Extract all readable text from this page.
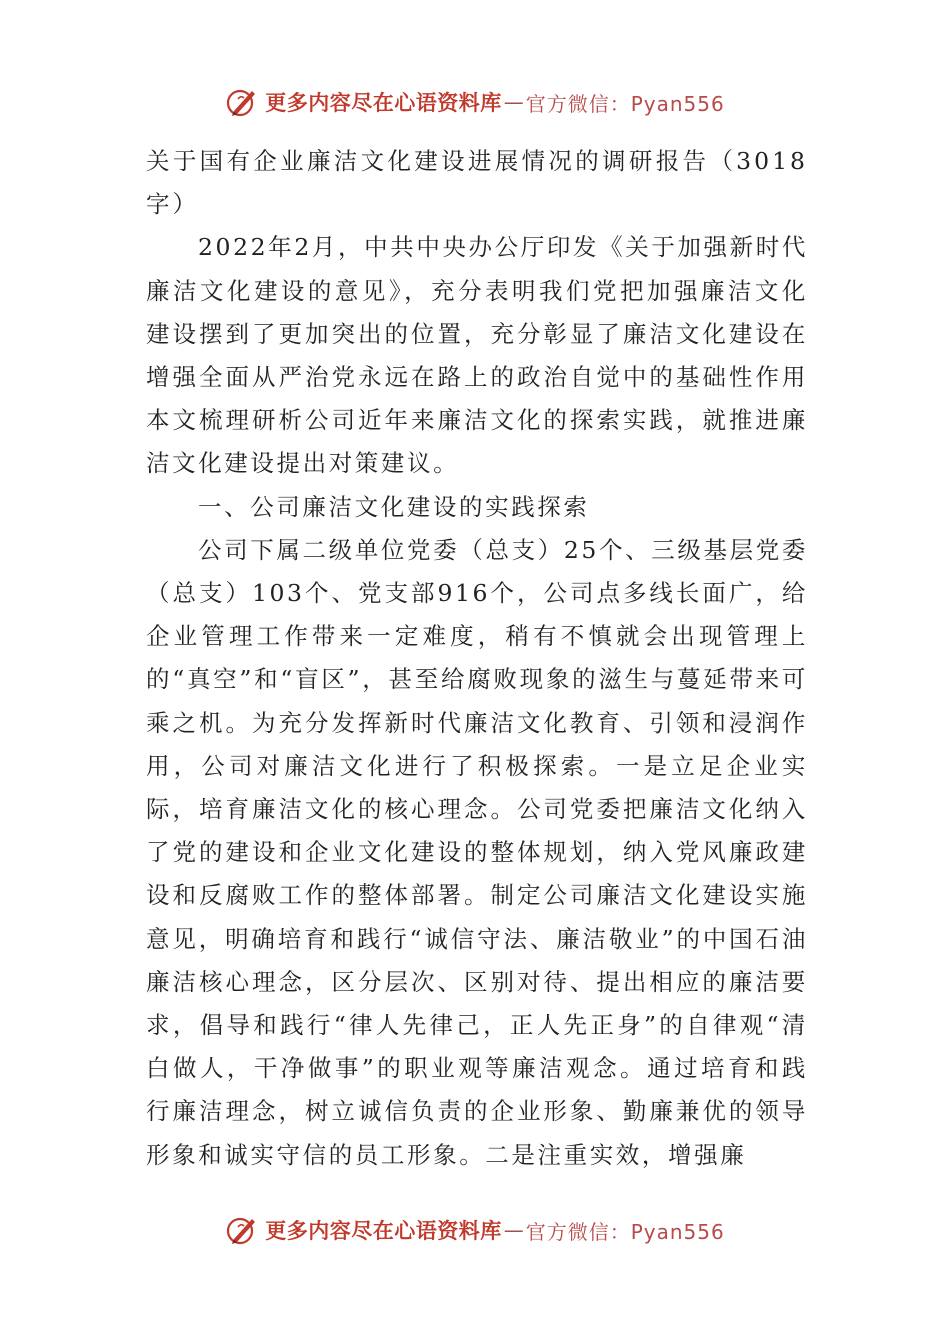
更多内容尽在心语资料库 — 官方微信：Pyan556

关于国有企业廉洁文化建设进展情况的调研报告（3018字）

2022年2月，中共中央办公厅印发《关于加强新时代廉洁文化建设的意见》，充分表明我们党把加强廉洁文化建设摆到了更加突出的位置，充分彰显了廉洁文化建设在增强全面从严治党永远在路上的政治自觉中的基础性作用本文梳理研析公司近年来廉洁文化的探索实践，就推进廉洁文化建设提出对策建议。

一、公司廉洁文化建设的实践探索

公司下属二级单位党委（总支）25个、三级基层党委（总支）103个、党支部916个，公司点多线长面广，给企业管理工作带来一定难度，稍有不慎就会出现管理上的“真空”和“盲区”，甚至给腐败现象的滋生与蔓延带来可乘之机。为充分发挥新时代廉洁文化教育、引领和浸润作用，公司对廉洁文化进行了积极探索。一是立足企业实际，培育廉洁文化的核心理念。公司党委把廉洁文化纳入了党的建设和企业文化建设的整体规划，纳入党风廉政建设和反腐败工作的整体部署。制定公司廉洁文化建设实施意见，明确培育和践行“诚信守法、廉洁敬业”的中国石油廉洁核心理念，区分层次、区别对待、提出相应的廉洁要求，倡导和践行“律人先律己，正人先正身”的自律观“清白做人，干净做事”的职业观等廉洁观念。通过培育和践行廉洁理念，树立诚信负责的企业形象、勤廉兼优的领导形象和诚实守信的员工形象。二是注重实效，增强廉

更多内容尽在心语资料库 — 官方微信：Pyan556
